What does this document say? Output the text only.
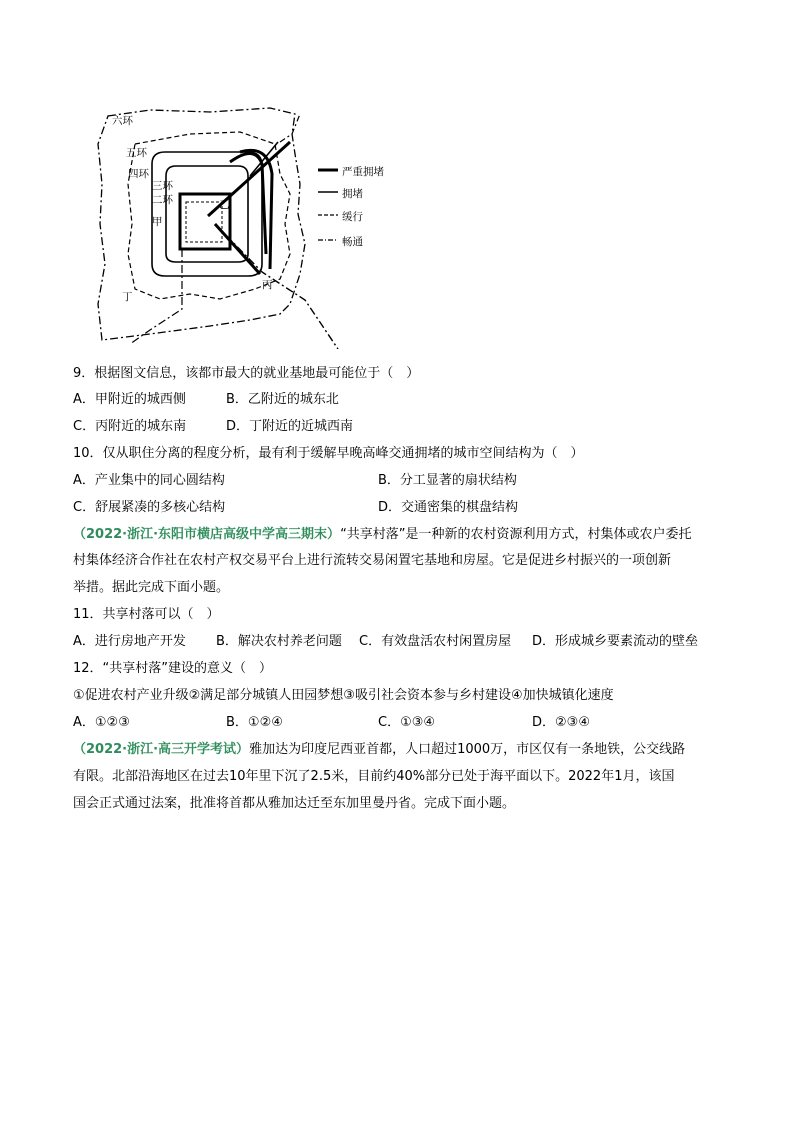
六环
五环
四环
三环
二环
甲
乙
丙
丁
严重拥堵
拥堵
缓行
畅通
9．根据图文信息，该都市最大的就业基地最可能位于（　）
A．甲附近的城西侧	B．乙附近的城东北
C．丙附近的城东南	D．丁附近的近城西南
10．仅从职住分离的程度分析，最有利于缓解早晚高峰交通拥堵的城市空间结构为（　）
A．产业集中的同心圆结构	B．分工显著的扇状结构
C．舒展紧凑的多核心结构	D．交通密集的棋盘结构
（2022·浙江·东阳市横店高级中学高三期末）“共享村落”是一种新的农村资源利用方式，村集体或农户委托
村集体经济合作社在农村产权交易平台上进行流转交易闲置宅基地和房屋。它是促进乡村振兴的一项创新
举措。据此完成下面小题。
11．共享村落可以（　）
A．进行房地产开发 B．解决农村养老问题 C．有效盘活农村闲置房屋 D．形成城乡要素流动的壁垒
12．“共享村落”建设的意义（　）
①促进农村产业升级②满足部分城镇人田园梦想③吸引社会资本参与乡村建设④加快城镇化速度
A．①②③	B．①②④	C．①③④	D．②③④
（2022·浙江·高三开学考试）雅加达为印度尼西亚首都，人口超过1000万，市区仅有一条地铁，公交线路
有限。北部沿海地区在过去10年里下沉了2.5米，目前约40%部分已处于海平面以下。2022年1月，该国
国会正式通过法案，批准将首都从雅加达迁至东加里曼丹省。完成下面小题。
